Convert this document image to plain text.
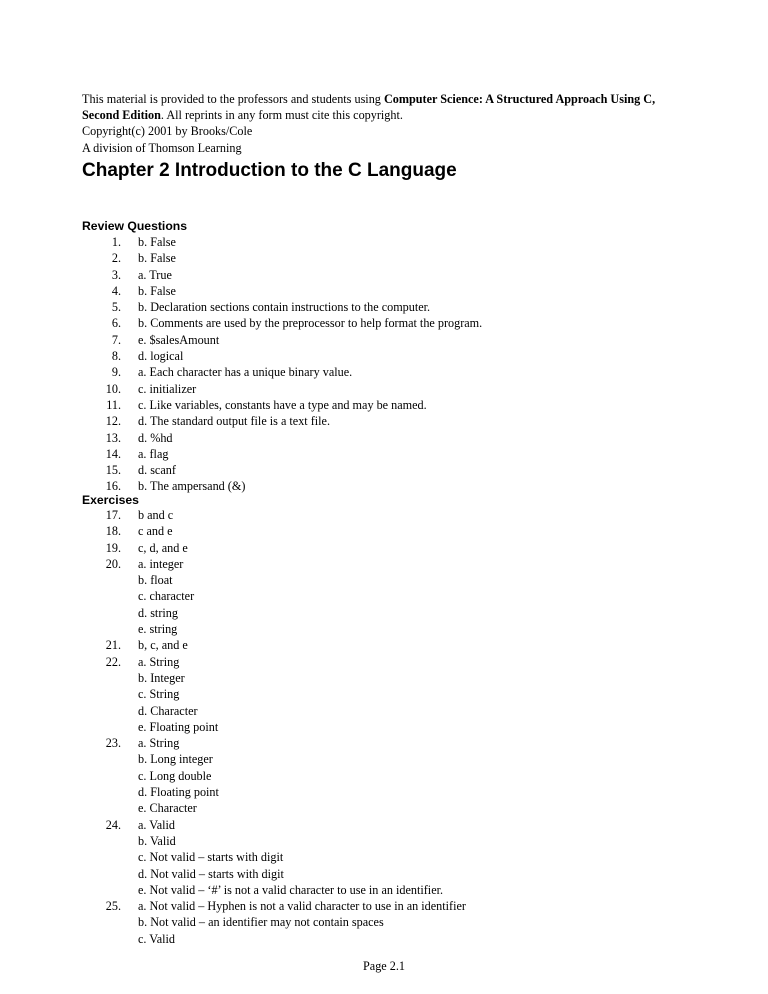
This material is provided to the professors and students using Computer Science: A Structured Approach Using C, Second Edition. All reprints in any form must cite this copyright.
Copyright(c) 2001 by Brooks/Cole
A division of Thomson Learning
Chapter 2 Introduction to the C Language
Review Questions
1. b. False
2. b. False
3. a. True
4. b. False
5. b. Declaration sections contain instructions to the computer.
6. b. Comments are used by the preprocessor to help format the program.
7. e. $salesAmount
8. d. logical
9. a. Each character has a unique binary value.
10. c. initializer
11. c. Like variables, constants have a type and may be named.
12. d. The standard output file is a text file.
13. d. %hd
14. a. flag
15. d. scanf
16. b. The ampersand (&)
Exercises
17. b and c
18. c and e
19. c, d, and e
20. a. integer
b. float
c. character
d. string
e. string
21. b, c, and e
22. a. String
b. Integer
c. String
d. Character
e. Floating point
23. a. String
b. Long integer
c. Long double
d. Floating point
e. Character
24. a. Valid
b. Valid
c. Not valid – starts with digit
d. Not valid – starts with digit
e. Not valid – ‘#’ is not a valid character to use in an identifier.
25. a. Not valid – Hyphen is not a valid character to use in an identifier
b. Not valid – an identifier may not contain spaces
c. Valid
Page 2.1
